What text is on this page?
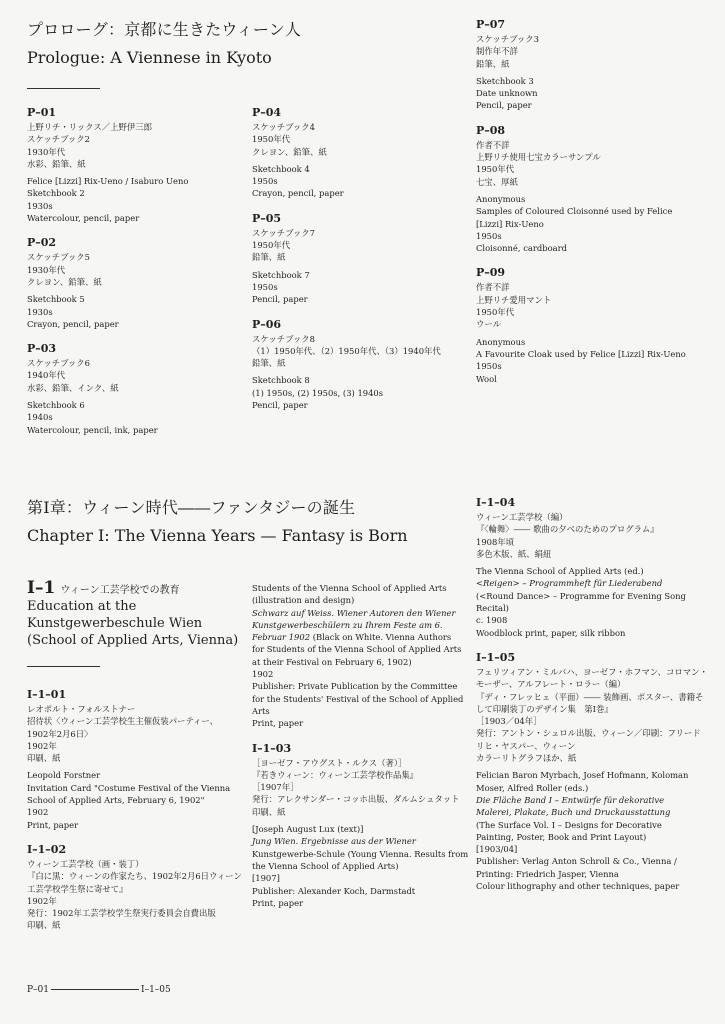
プロローグ：京都に生きたウィーン人
Prologue: A Viennese in Kyoto
P–01
上野リチ・リックス／上野伊三郎
スケッチブック2
1930年代
水彩、鉛筆、紙
Felice [Lizzi] Rix-Ueno / Isaburo Ueno
Sketchbook 2
1930s
Watercolour, pencil, paper
P–02
スケッチブック5
1930年代
クレヨン、鉛筆、紙
Sketchbook 5
1930s
Crayon, pencil, paper
P–03
スケッチブック6
1940年代
水彩、鉛筆、インク、紙
Sketchbook 6
1940s
Watercolour, pencil, ink, paper
P–04
スケッチブック4
1950年代
クレヨン、鉛筆、紙
Sketchbook 4
1950s
Crayon, pencil, paper
P–05
スケッチブック7
1950年代
鉛筆、紙
Sketchbook 7
1950s
Pencil, paper
P–06
スケッチブック8
（1）1950年代、（2）1950年代、（3）1940年代
鉛筆、紙
Sketchbook 8
(1) 1950s, (2) 1950s, (3) 1940s
Pencil, paper
P–07
スケッチブック3
制作年不詳
鉛筆、紙
Sketchbook 3
Date unknown
Pencil, paper
P–08
作者不詳
上野リチ使用七宝カラーサンプル
1950年代
七宝、厚紙
Anonymous
Samples of Coloured Cloisonné used by Felice
[Lizzi] Rix-Ueno
1950s
Cloisonné, cardboard
P–09
作者不詳
上野リチ愛用マント
1950年代
ウール
Anonymous
A Favourite Cloak used by Felice [Lizzi] Rix-Ueno
1950s
Wool
第Ⅰ章：ウィーン時代――ファンタジーの誕生
Chapter I: The Vienna Years — Fantasy is Born
I–1 ウィーン工芸学校での教育
Education at the
Kunstgewerbeschule Wien
(School of Applied Arts, Vienna)
I–1–01
レオポルト・フォルストナー
招待状〈ウィーン工芸学校生主催仮装パーティー、
1902年2月6日〉
1902年
印刷、紙
Leopold Forstner
Invitation Card "Costume Festival of the Vienna
School of Applied Arts, February 6, 1902"
1902
Print, paper
I–1–02
ウィーン工芸学校（画・装丁）
『白に黒：ウィーンの作家たち、1902年2月6日ウィーン
工芸学校学生祭に寄せて』
1902年
発行：1902年工芸学校学生祭実行委員会自費出版
印刷、紙
Students of the Vienna School of Applied Arts
(illustration and design)
Schwarz auf Weiss. Wiener Autoren den Wiener
Kunstgewerbeschülern zu Ihrem Feste am 6.
Februar 1902 (Black on White. Vienna Authors
for Students of the Vienna School of Applied Arts
at their Festival on February 6, 1902)
1902
Publisher: Private Publication by the Committee
for the Students' Festival of the School of Applied
Arts
Print, paper
I–1–03
［ヨーゼフ・アウグスト・ルクス（著）］
『若きウィーン：ウィーン工芸学校作品集』
［1907年］
発行：アレクサンダー・コッホ出版、ダルムシュタット
印刷、紙
[Joseph August Lux (text)]
Jung Wien. Ergebnisse aus der Wiener
Kunstgewerbe-Schule (Young Vienna. Results from
the Vienna School of Applied Arts)
[1907]
Publisher: Alexander Koch, Darmstadt
Print, paper
I–1–04
ウィーン工芸学校（編）
『〈輪舞〉―― 歌曲の夕べのためのプログラム』
1908年頃
多色木版、紙、絹紐
The Vienna School of Applied Arts (ed.)
<Reigen> – Programmheft für Liederabend
(<Round Dance> – Programme for Evening Song
Recital)
c. 1908
Woodblock print, paper, silk ribbon
I–1–05
フェリツィアン・ミルバハ、ヨーゼフ・ホフマン、コロマン・
モーザー、アルフレート・ロラー（編）
『ディ・フレッヒェ（平面）―― 装飾画、ポスター、書籍そ
して印刷装丁のデザイン集　第Ⅰ巻』
［1903／04年］
発行：アントン・シュロル出版、ウィーン／印刷：フリード
リヒ・ヤスパー、ウィーン
カラーリトグラフほか、紙
Felician Baron Myrbach, Josef Hofmann, Koloman
Moser, Alfred Roller (eds.)
Die Fläche Band I – Entwürfe für dekorative
Malerei, Plakate, Buch und Druckausstattung
(The Surface Vol. I – Designs for Decorative
Painting, Poster, Book and Print Layout)
[1903/04]
Publisher: Verlag Anton Schroll & Co., Vienna /
Printing: Friedrich Jasper, Vienna
Colour lithography and other techniques, paper
P–01	I–1–05
